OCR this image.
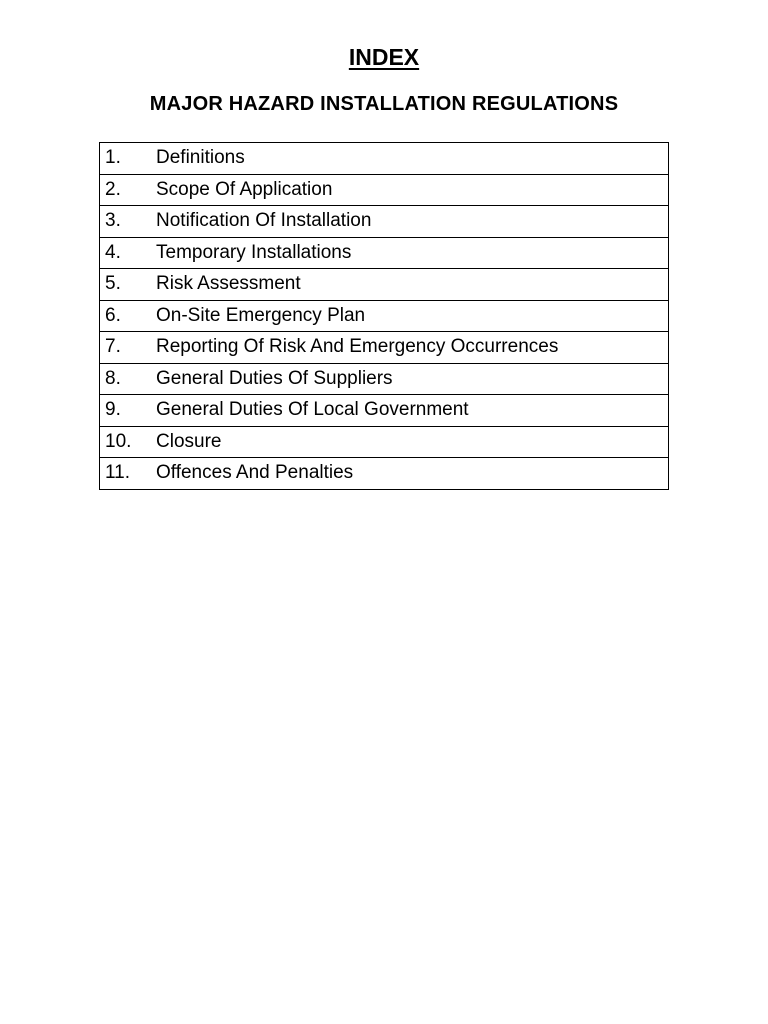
INDEX
MAJOR HAZARD INSTALLATION REGULATIONS
1.	Definitions
2.	Scope Of Application
3.	Notification Of Installation
4.	Temporary Installations
5.	Risk Assessment
6.	On-Site Emergency Plan
7.	Reporting Of Risk And Emergency Occurrences
8.	General Duties Of Suppliers
9.	General Duties Of Local Government
10.	Closure
11.	Offences And Penalties
